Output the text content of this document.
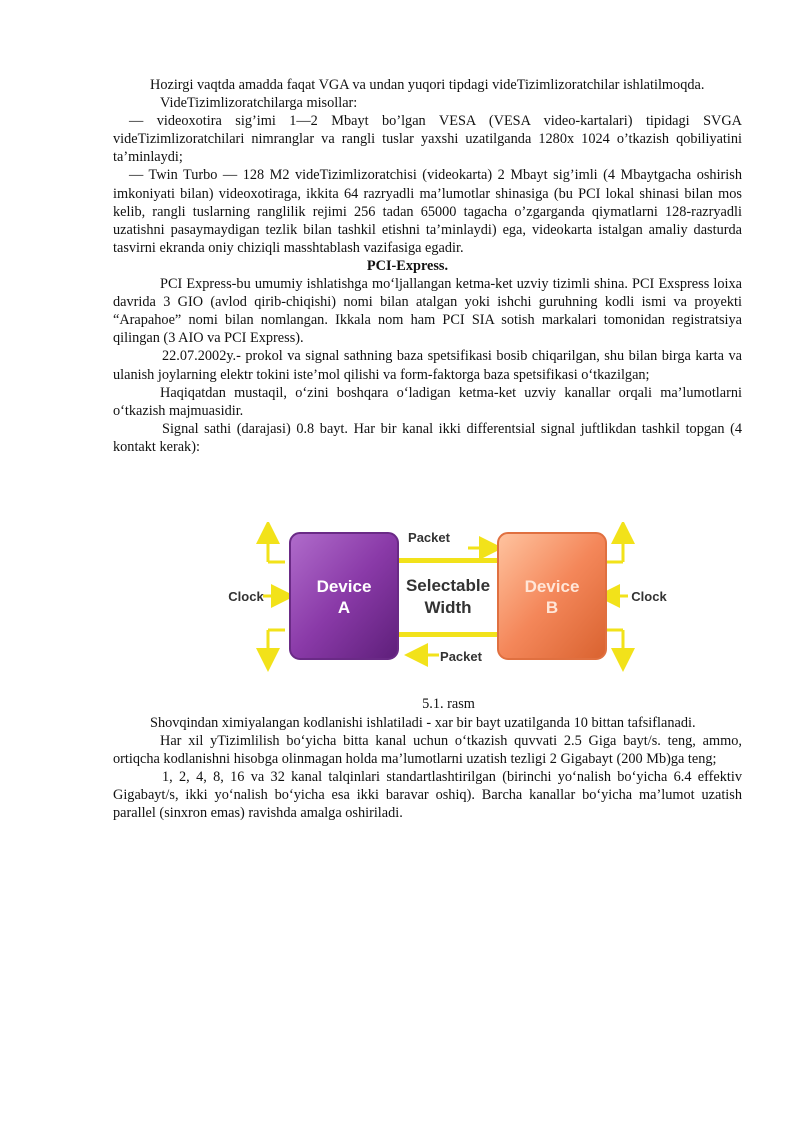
Hozirgi vaqtda amadda faqat VGA va undan yuqori tipdagi videTizimlizoratchilar ishlatilmoqda.

VideTizimlizoratchilarga misollar:

— videoxotira sig’imi 1—2 Mbayt bo’lgan VESA (VESA video-kartalari) tipidagi SVGA videTizimlizoratchilari nimranglar va rangli tuslar yaxshi uzatilganda 1280x 1024 o’tkazish qobiliyatini ta’minlaydi;

— Twin Turbo — 128 M2 videTizimlizoratchisi (videokarta) 2 Mbayt sig’imli (4 Mbaytgacha oshirish imkoniyati bilan) videoxotiraga, ikkita 64 razryadli ma’lumotlar shinasiga (bu PCI lokal shinasi bilan mos kelib, rangli tuslarning ranglilik rejimi 256 tadan 65000 tagacha o’zgarganda qiymatlarni 128-razryadli uzatishni pasaymaydigan tezlik bilan tashkil etishni ta’minlaydi) ega, videokarta istalgan amaliy dasturda tasvirni ekranda oniy chiziqli masshtablash vazifasiga egadir.

PCI-Express.

PCI Express-bu umumiy ishlatishga mo‘ljallangan ketma-ket uzviy tizimli shina. PCI Exspress loixa davrida 3 GIO (avlod qirib-chiqishi) nomi bilan atalgan yoki ishchi guruhning kodli ismi va proyekti “Arapahoe” nomi bilan nomlangan. Ikkala nom ham PCI SIA sotish markalari tomonidan registratsiya qilingan (3 AIO va PCI Express).

22.07.2002y.- prokol va signal sathning baza spetsifikasi bosib chiqarilgan, shu bilan birga karta va ulanish joylarning elektr tokini iste’mol qilishi va form-faktorga baza spetsifikasi o‘tkazilgan;

Haqiqatdan mustaqil, o‘zini boshqara o‘ladigan ketma-ket uzviy kanallar orqali ma’lumotlarni o‘tkazish majmuasidir.

Signal sathi (darajasi) 0.8 bayt. Har bir kanal ikki differentsial signal juftlikdan tashkil topgan (4 kontakt kerak):

Device
A
Device
B
Selectable
Width
Packet
Packet
Clock	Clock
5.1. rasm

Shovqindan ximiyalangan kodlanishi ishlatiladi - xar bir bayt uzatilganda 10 bittan tafsiflanadi.

Har xil yTizimlilish bo‘yicha bitta kanal uchun o‘tkazish quvvati 2.5 Giga bayt/s. teng, ammo, ortiqcha kodlanishni hisobga olinmagan holda ma’lumotlarni uzatish tezligi 2 Gigabayt (200 Mb)ga teng;

1, 2, 4, 8, 16 va 32 kanal talqinlari standartlashtirilgan (birinchi yo‘nalish bo‘yicha 6.4 effektiv Gigabayt/s, ikki yo‘nalish bo‘yicha esa ikki baravar oshiq). Barcha kanallar bo‘yicha ma’lumot uzatish parallel (sinxron emas) ravishda amalga oshiriladi.
